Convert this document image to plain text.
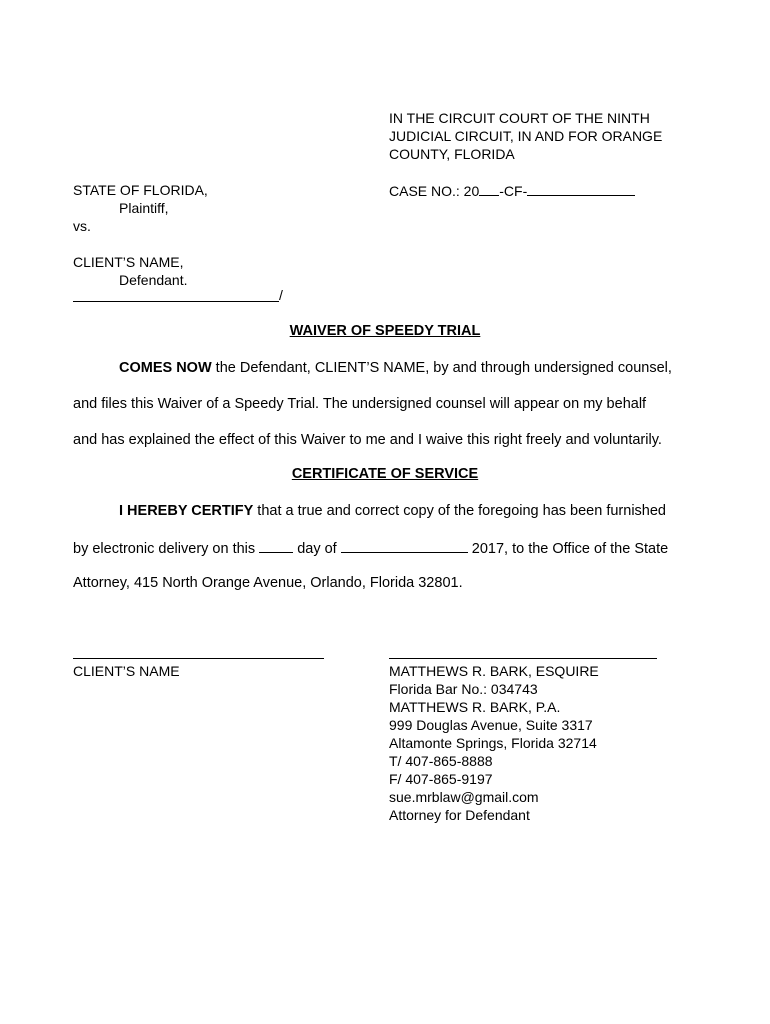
IN THE CIRCUIT COURT OF THE NINTH
JUDICIAL CIRCUIT, IN AND FOR ORANGE
COUNTY, FLORIDA
STATE OF FLORIDA,
Plaintiff,
vs.
CLIENT’S NAME,
Defendant.
/
CASE NO.: 20 -CF-
WAIVER OF SPEEDY TRIAL
COMES NOW the Defendant, CLIENT’S NAME, by and through undersigned counsel,
and files this Waiver of a Speedy Trial. The undersigned counsel will appear on my behalf
and has explained the effect of this Waiver to me and I waive this right freely and voluntarily.
CERTIFICATE OF SERVICE
I HEREBY CERTIFY that a true and correct copy of the foregoing has been furnished
by electronic delivery on this  day of	2017, to the Office of the State
Attorney, 415 North Orange Avenue, Orlando, Florida 32801.
CLIENT’S NAME	MATTHEWS R. BARK, ESQUIRE
Florida Bar No.: 034743
MATTHEWS R. BARK, P.A.
999 Douglas Avenue, Suite 3317
Altamonte Springs, Florida 32714
T/ 407-865-8888
F/ 407-865-9197
sue.mrblaw@gmail.com
Attorney for Defendant
